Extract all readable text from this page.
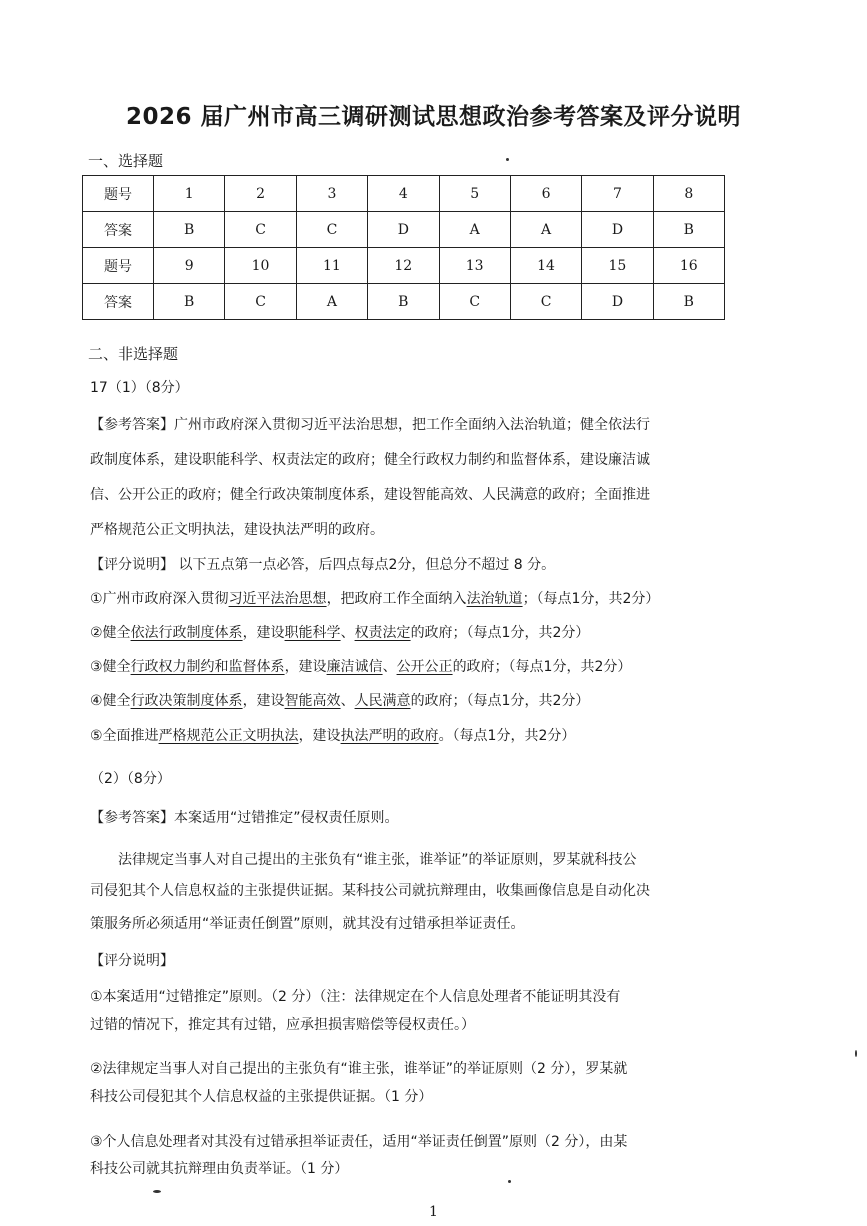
2026 届广州市高三调研测试思想政治参考答案及评分说明
一、选择题
题号	1	2	3	4	5	6	7	8
答案	B	C	C	D	A	A	D	B
题号	9	10	11	12	13	14	15	16
答案	B	C	A	B	C	C	D	B
二、非选择题
17（1）（8分）
【参考答案】广州市政府深入贯彻习近平法治思想，把工作全面纳入法治轨道；健全依法行
政制度体系，建设职能科学、权责法定的政府；健全行政权力制约和监督体系，建设廉洁诚
信、公开公正的政府；健全行政决策制度体系，建设智能高效、人民满意的政府；全面推进
严格规范公正文明执法，建设执法严明的政府。
【评分说明】 以下五点第一点必答，后四点每点2分，但总分不超过 8 分。
①广州市政府深入贯彻习近平法治思想，把政府工作全面纳入法治轨道；（每点1分，共2分）
②健全依法行政制度体系，建设职能科学、权责法定的政府；（每点1分，共2分）
③健全行政权力制约和监督体系，建设廉洁诚信、公开公正的政府；（每点1分，共2分）
④健全行政决策制度体系，建设智能高效、人民满意的政府；（每点1分，共2分）
⑤全面推进严格规范公正文明执法，建设执法严明的政府。（每点1分，共2分）
（2）（8分）
【参考答案】本案适用“过错推定”侵权责任原则。
法律规定当事人对自己提出的主张负有“谁主张，谁举证”的举证原则，罗某就科技公
司侵犯其个人信息权益的主张提供证据。某科技公司就抗辩理由，收集画像信息是自动化决
策服务所必须适用“举证责任倒置”原则，就其没有过错承担举证责任。
【评分说明】
①本案适用“过错推定”原则。（2 分）（注：法律规定在个人信息处理者不能证明其没有
过错的情况下，推定其有过错，应承担损害赔偿等侵权责任。）
②法律规定当事人对自己提出的主张负有“谁主张，谁举证”的举证原则（2 分），罗某就
科技公司侵犯其个人信息权益的主张提供证据。（1 分）
③个人信息处理者对其没有过错承担举证责任，适用“举证责任倒置”原则（2 分），由某
科技公司就其抗辩理由负责举证。（1 分）
1
